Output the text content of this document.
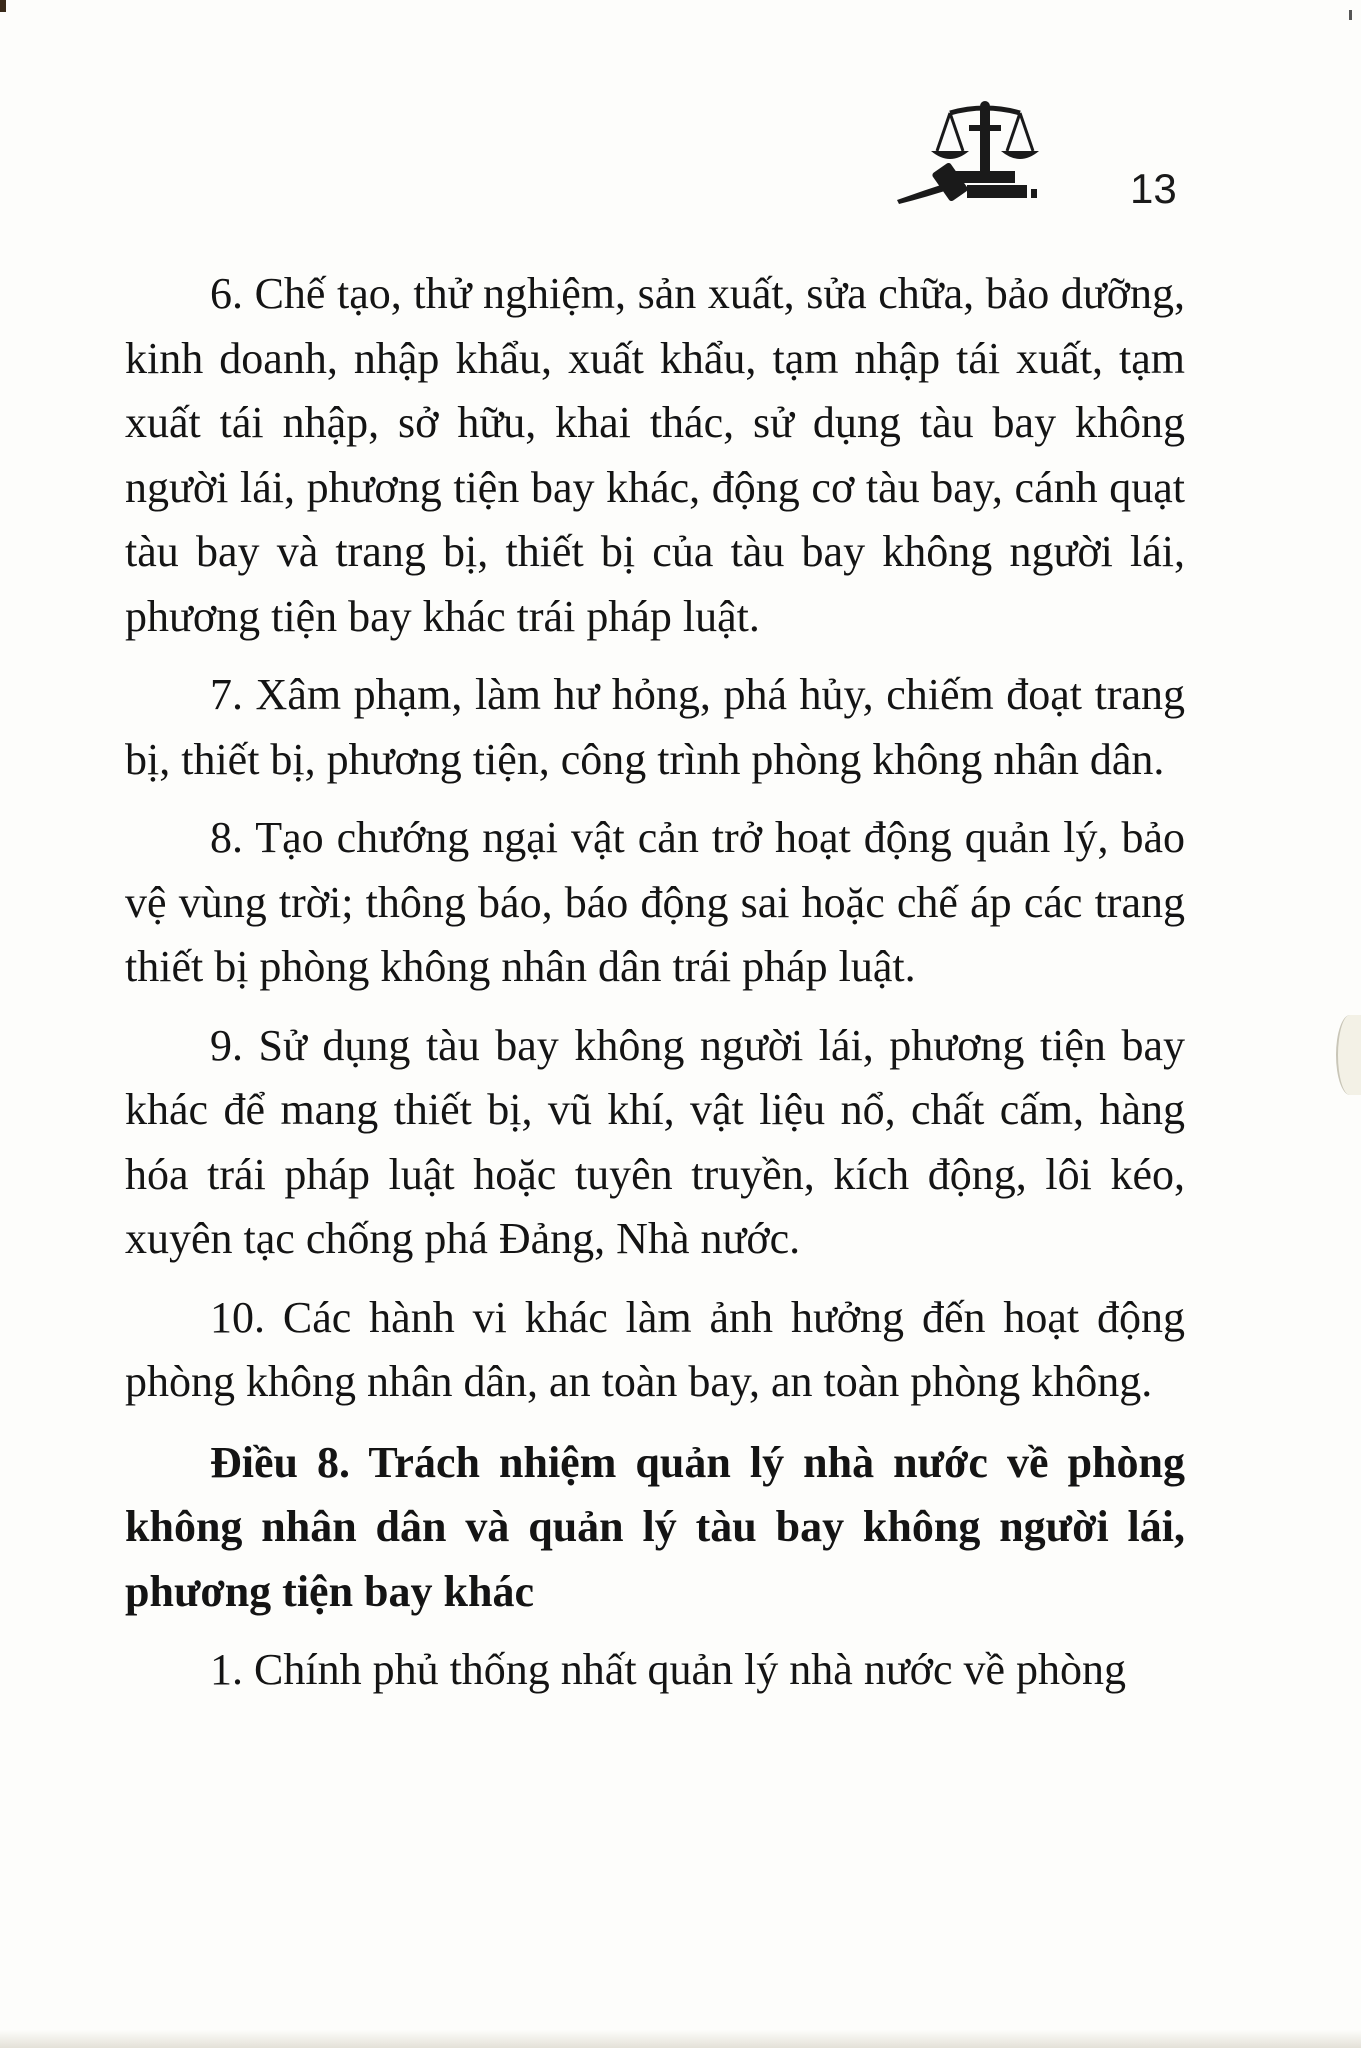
13

6. Chế tạo, thử nghiệm, sản xuất, sửa chữa, bảo dưỡng, kinh doanh, nhập khẩu, xuất khẩu, tạm nhập tái xuất, tạm xuất tái nhập, sở hữu, khai thác, sử dụng tàu bay không người lái, phương tiện bay khác, động cơ tàu bay, cánh quạt tàu bay và trang bị, thiết bị của tàu bay không người lái, phương tiện bay khác trái pháp luật.

7. Xâm phạm, làm hư hỏng, phá hủy, chiếm đoạt trang bị, thiết bị, phương tiện, công trình phòng không nhân dân.

8. Tạo chướng ngại vật cản trở hoạt động quản lý, bảo vệ vùng trời; thông báo, báo động sai hoặc chế áp các trang thiết bị phòng không nhân dân trái pháp luật.

9. Sử dụng tàu bay không người lái, phương tiện bay khác để mang thiết bị, vũ khí, vật liệu nổ, chất cấm, hàng hóa trái pháp luật hoặc tuyên truyền, kích động, lôi kéo, xuyên tạc chống phá Đảng, Nhà nước.

10. Các hành vi khác làm ảnh hưởng đến hoạt động phòng không nhân dân, an toàn bay, an toàn phòng không.

Điều 8. Trách nhiệm quản lý nhà nước về phòng không nhân dân và quản lý tàu bay không người lái, phương tiện bay khác

1. Chính phủ thống nhất quản lý nhà nước về phòng
